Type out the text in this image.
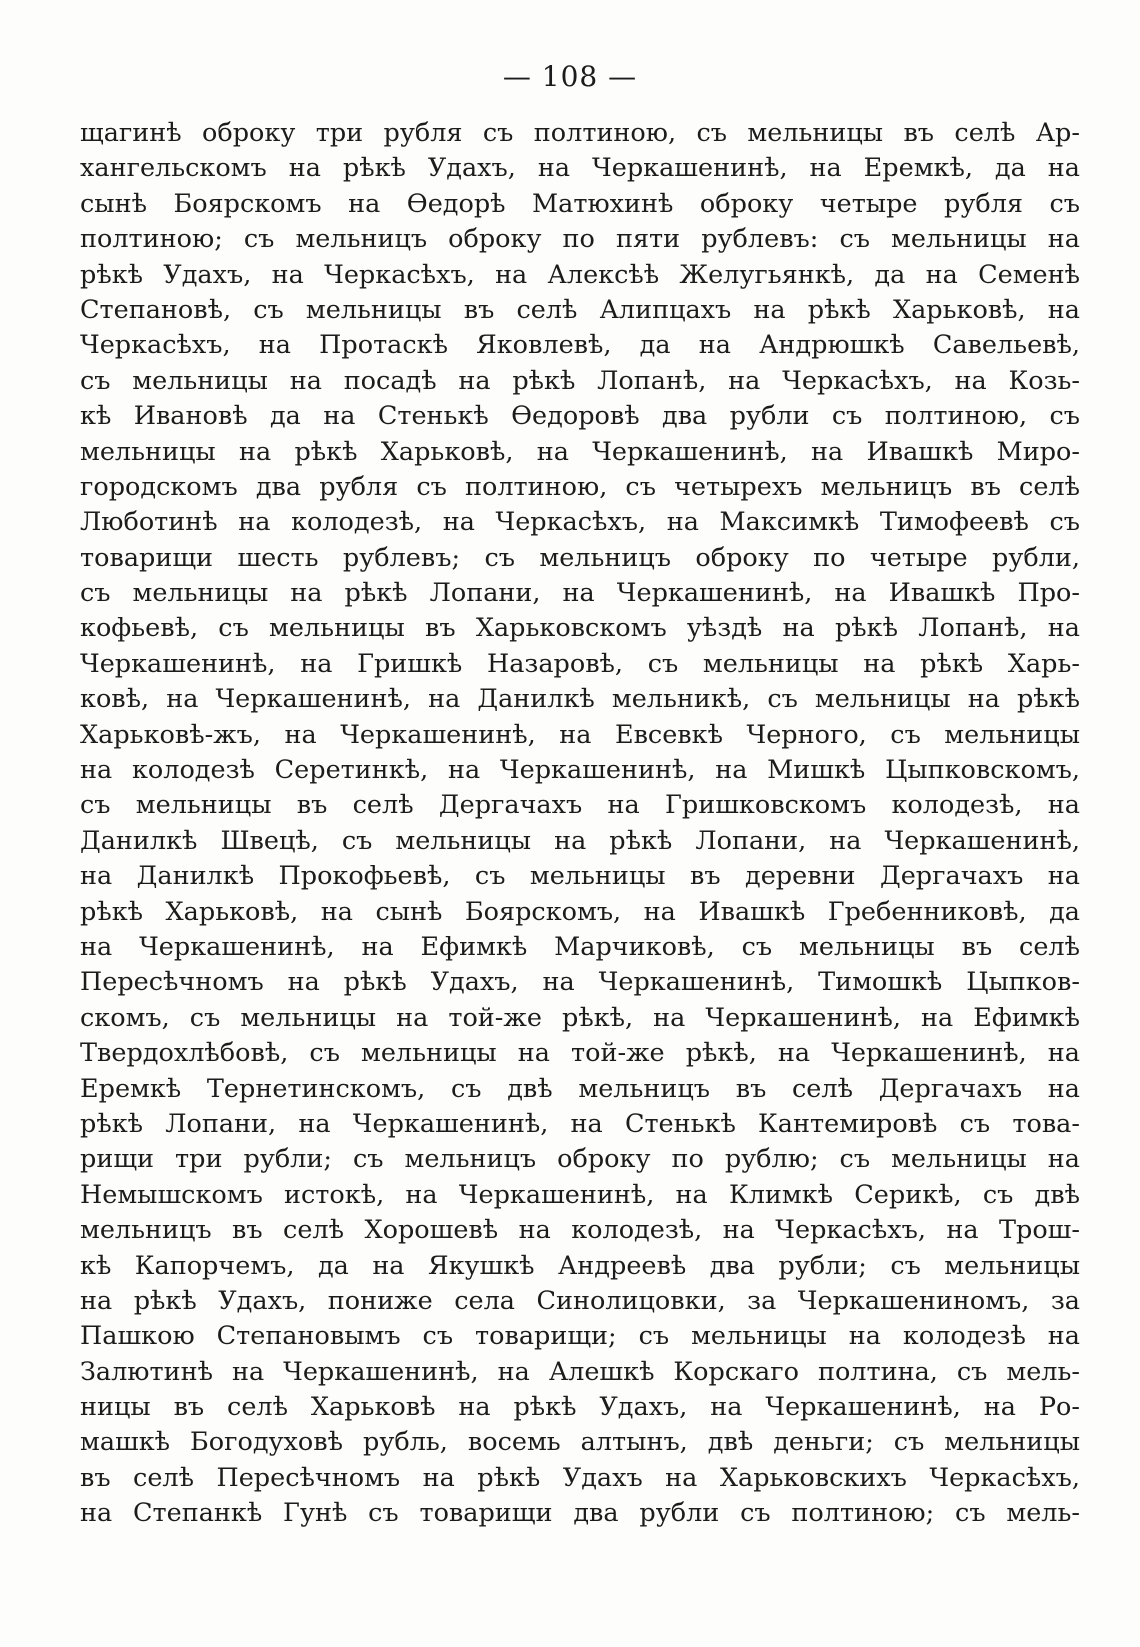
— 108 —
щагинѣ оброку три рубля съ полтиною, съ мельницы въ селѣ Ар-
хангельскомъ на рѣкѣ Удахъ, на Черкашенинѣ, на Еремкѣ, да на
сынѣ Боярскомъ на Ѳедорѣ Матюхинѣ оброку четыре рубля съ
полтиною; съ мельницъ оброку по пяти рублевъ: съ мельницы на
рѣкѣ Удахъ, на Черкасѣхъ, на Алексѣѣ Желугьянкѣ, да на Семенѣ
Степановѣ, съ мельницы въ селѣ Алипцахъ на рѣкѣ Харьковѣ, на
Черкасѣхъ, на Протаскѣ Яковлевѣ, да на Андрюшкѣ Савельевѣ,
съ мельницы на посадѣ на рѣкѣ Лопанѣ, на Черкасѣхъ, на Козь-
кѣ Ивановѣ да на Стенькѣ Ѳедоровѣ два рубли съ полтиною, съ
мельницы на рѣкѣ Харьковѣ, на Черкашенинѣ, на Ивашкѣ Миро-
городскомъ два рубля съ полтиною, съ четырехъ мельницъ въ селѣ
Люботинѣ на колодезѣ, на Черкасѣхъ, на Максимкѣ Тимофеевѣ съ
товарищи шесть рублевъ; съ мельницъ оброку по четыре рубли,
съ мельницы на рѣкѣ Лопани, на Черкашенинѣ, на Ивашкѣ Про-
кофьевѣ, съ мельницы въ Харьковскомъ уѣздѣ на рѣкѣ Лопанѣ, на
Черкашенинѣ, на Гришкѣ Назаровѣ, съ мельницы на рѣкѣ Харь-
ковѣ, на Черкашенинѣ, на Данилкѣ мельникѣ, съ мельницы на рѣкѣ
Харьковѣ-жъ, на Черкашенинѣ, на Евсевкѣ Черного, съ мельницы
на колодезѣ Серетинкѣ, на Черкашенинѣ, на Мишкѣ Цыпковскомъ,
съ мельницы въ селѣ Дергачахъ на Гришковскомъ колодезѣ, на
Данилкѣ Швецѣ, съ мельницы на рѣкѣ Лопани, на Черкашенинѣ,
на Данилкѣ Прокофьевѣ, съ мельницы въ деревни Дергачахъ на
рѣкѣ Харьковѣ, на сынѣ Боярскомъ, на Ивашкѣ Гребенниковѣ, да
на Черкашенинѣ, на Ефимкѣ Марчиковѣ, съ мельницы въ селѣ
Пересѣчномъ на рѣкѣ Удахъ, на Черкашенинѣ, Тимошкѣ Цыпков-
скомъ, съ мельницы на той-же рѣкѣ, на Черкашенинѣ, на Ефимкѣ
Твердохлѣбовѣ, съ мельницы на той-же рѣкѣ, на Черкашенинѣ, на
Еремкѣ Тернетинскомъ, съ двѣ мельницъ въ селѣ Дергачахъ на
рѣкѣ Лопани, на Черкашенинѣ, на Стенькѣ Кантемировѣ съ това-
рищи три рубли; съ мельницъ оброку по рублю; съ мельницы на
Немышскомъ истокѣ, на Черкашенинѣ, на Климкѣ Серикѣ, съ двѣ
мельницъ въ селѣ Хорошевѣ на колодезѣ, на Черкасѣхъ, на Трош-
кѣ Капорчемъ, да на Якушкѣ Андреевѣ два рубли; съ мельницы
на рѣкѣ Удахъ, пониже села Синолицовки, за Черкашениномъ, за
Пашкою Степановымъ съ товарищи; съ мельницы на колодезѣ на
Залютинѣ на Черкашенинѣ, на Алешкѣ Корскаго полтина, съ мель-
ницы въ селѣ Харьковѣ на рѣкѣ Удахъ, на Черкашенинѣ, на Ро-
машкѣ Богодуховѣ рубль, восемь алтынъ, двѣ деньги; съ мельницы
въ селѣ Пересѣчномъ на рѣкѣ Удахъ на Харьковскихъ Черкасѣхъ,
на Степанкѣ Гунѣ съ товарищи два рубли съ полтиною; съ мель-
